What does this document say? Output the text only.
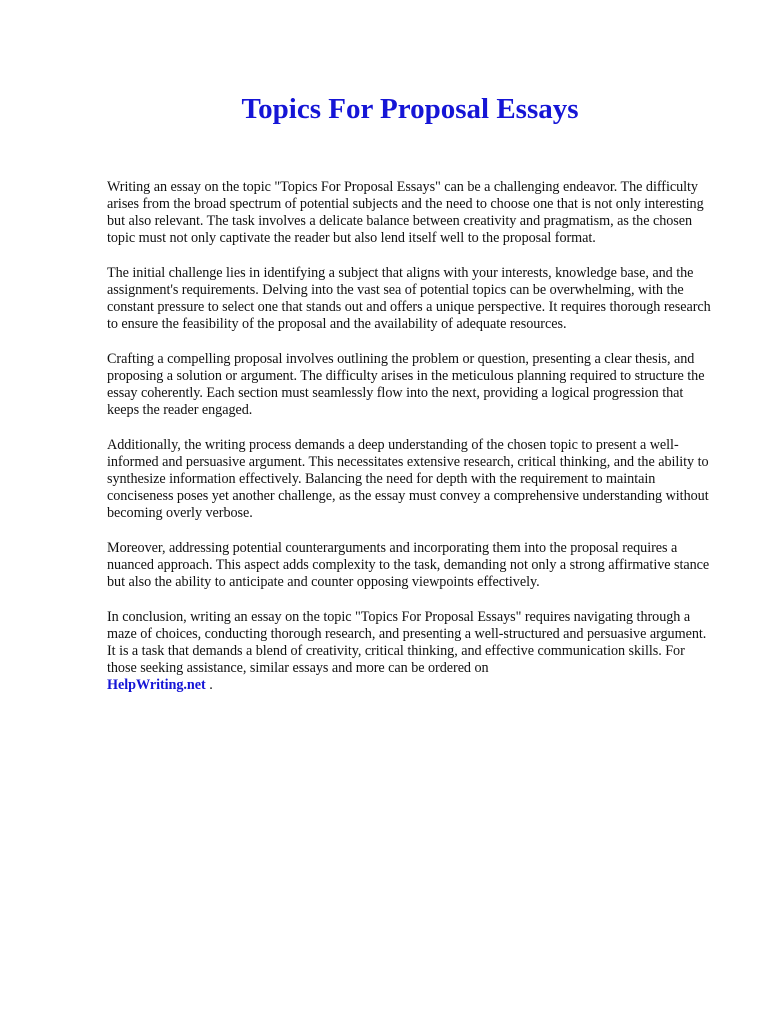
Topics For Proposal Essays

Writing an essay on the topic "Topics For Proposal Essays" can be a challenging endeavor. The difficulty arises from the broad spectrum of potential subjects and the need to choose one that is not only interesting but also relevant. The task involves a delicate balance between creativity and pragmatism, as the chosen topic must not only captivate the reader but also lend itself well to the proposal format.

The initial challenge lies in identifying a subject that aligns with your interests, knowledge base, and the assignment's requirements. Delving into the vast sea of potential topics can be overwhelming, with the constant pressure to select one that stands out and offers a unique perspective. It requires thorough research to ensure the feasibility of the proposal and the availability of adequate resources.

Crafting a compelling proposal involves outlining the problem or question, presenting a clear thesis, and proposing a solution or argument. The difficulty arises in the meticulous planning required to structure the essay coherently. Each section must seamlessly flow into the next, providing a logical progression that keeps the reader engaged.

Additionally, the writing process demands a deep understanding of the chosen topic to present a well-informed and persuasive argument. This necessitates extensive research, critical thinking, and the ability to synthesize information effectively. Balancing the need for depth with the requirement to maintain conciseness poses yet another challenge, as the essay must convey a comprehensive understanding without becoming overly verbose.

Moreover, addressing potential counterarguments and incorporating them into the proposal requires a nuanced approach. This aspect adds complexity to the task, demanding not only a strong affirmative stance but also the ability to anticipate and counter opposing viewpoints effectively.

In conclusion, writing an essay on the topic "Topics For Proposal Essays" requires navigating through a maze of choices, conducting thorough research, and presenting a well-structured and persuasive argument. It is a task that demands a blend of creativity, critical thinking, and effective communication skills. For those seeking assistance, similar essays and more can be ordered on
HelpWriting.net .
